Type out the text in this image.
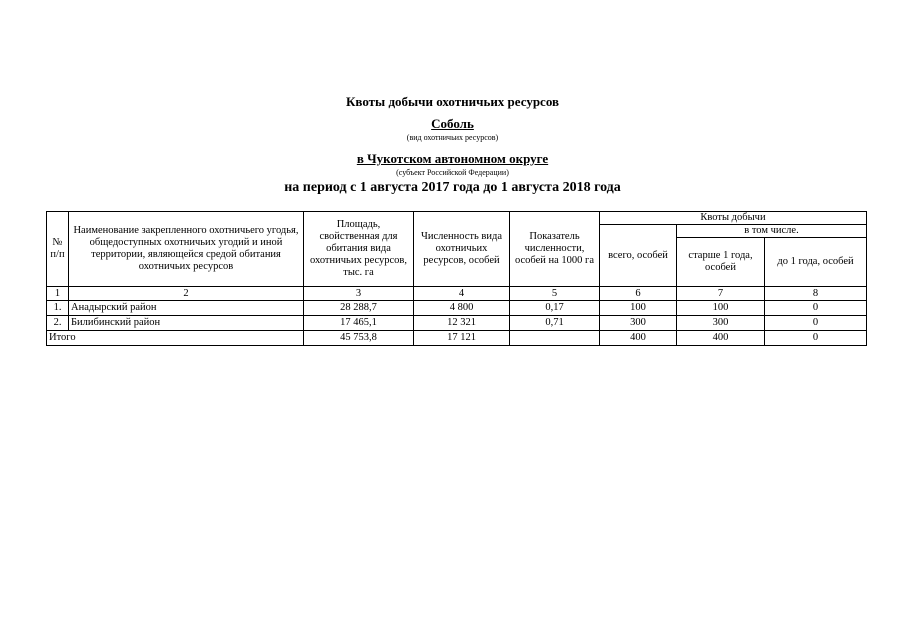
Квоты добычи охотничьих ресурсов
Соболь
(вид охотничьих ресурсов)
в Чукотском автономном округе
(субъект Российской Федерации)
на период с 1 августа 2017 года до 1 августа 2018 года
№ п/п	Наименование закрепленного охотничьего угодья, общедоступных охотничьих угодий и иной территории, являющейся средой обитания охотничьих ресурсов	Площадь, свойственная для обитания вида охотничьих ресурсов, тыс. га	Численность вида охотничьих ресурсов, особей	Показатель численности, особей на 1000 га	Квоты добычи		
					всего, особей	в том числе.	
						старше 1 года, особей	до 1 года, особей
1	2	3	4	5	6	7	8
1.	Анадырский район	28 288,7	4 800	0,17	100	100	0
2.	Билибинский район	17 465,1	12 321	0,71	300	300	0
Итого		45 753,8	17 121		400	400	0
